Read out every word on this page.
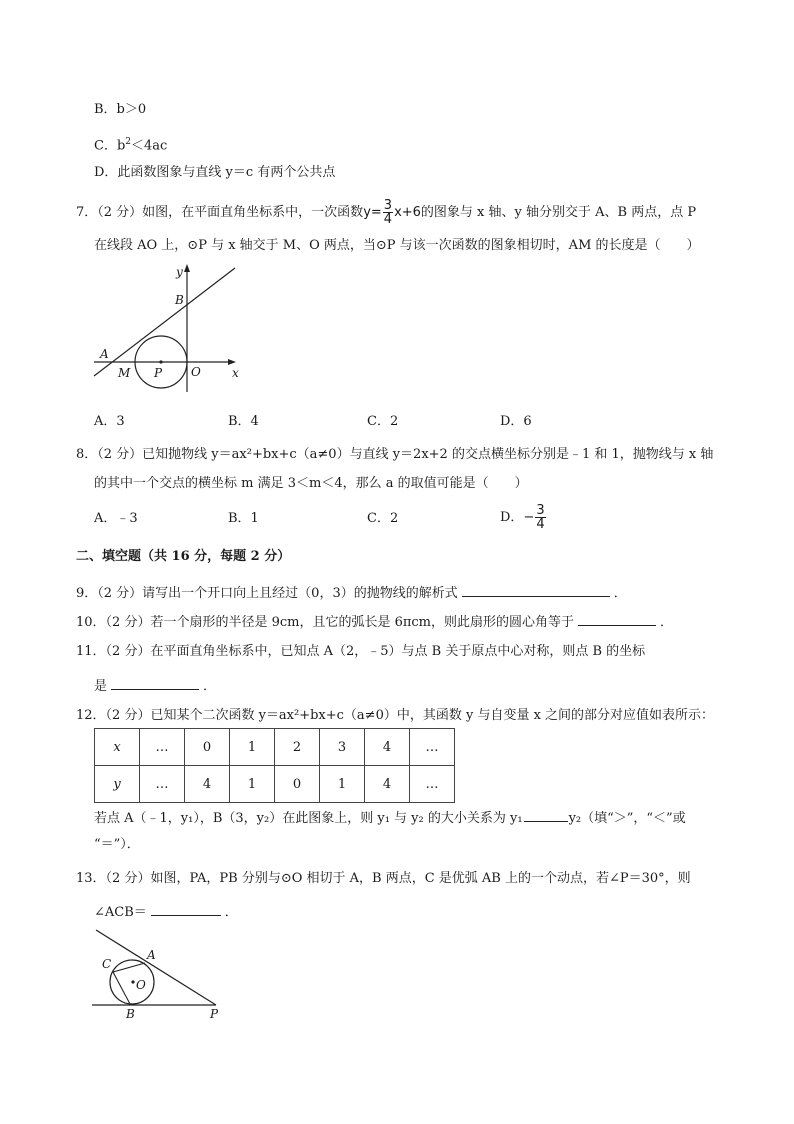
B．b＞0
C．$b^2<4ac$
D．此函数图象与直线 y＝c 有两个公共点
7．（2 分）如图，在平面直角坐标系中，一次函数$y= \frac{3}{4} x+6$的图象与 x 轴、y 轴分别交于 A、B 两点，点 P
在线段 AO 上，⊙P 与 x 轴交于 M、O 两点，当⊙P 与该一次函数的图象相切时，AM 的长度是（　　）
y
x
B
A
M P O
A．3	B．4	C．2	D．6
8．（2 分）已知抛物线 y＝ax²+bx+c（a≠0）与直线 y＝2x+2 的交点横坐标分别是﹣1 和 1，抛物线与 x 轴
的其中一个交点的横坐标 m 满足 3＜m＜4，那么 a 的取值可能是（　　）
A．﹣3	B．1	C．2	D．− $\frac{3}{4}$
二、填空题（共 16 分，每题 2 分）
9．（2 分）请写出一个开口向上且经过（0，3）的抛物线的解析式	．
10．（2 分）若一个扇形的半径是 9cm，且它的弧长是 6πcm，则此扇形的圆心角等于	．
11．（2 分）在平面直角坐标系中，已知点 A（2，﹣5）与点 B 关于原点中心对称，则点 B 的坐标
是	．
12．（2 分）已知某个二次函数 y＝ax²+bx+c（a≠0）中，其函数 y 与自变量 x 之间的部分对应值如表所示：
x	…	0	1	2	3	4	…
y	…	4	1	0	1	4	…
若点 A（﹣1，y₁），B（3，y₂）在此图象上，则 y₁ 与 y₂ 的大小关系为 y₁	y₂（填“＞”，“＜”或
“＝”）．
13．（2 分）如图，PA，PB 分别与⊙O 相切于 A，B 两点，C 是优弧 AB 上的一个动点，若∠P＝30°，则
∠ACB＝	．
A
C
O
B	P
